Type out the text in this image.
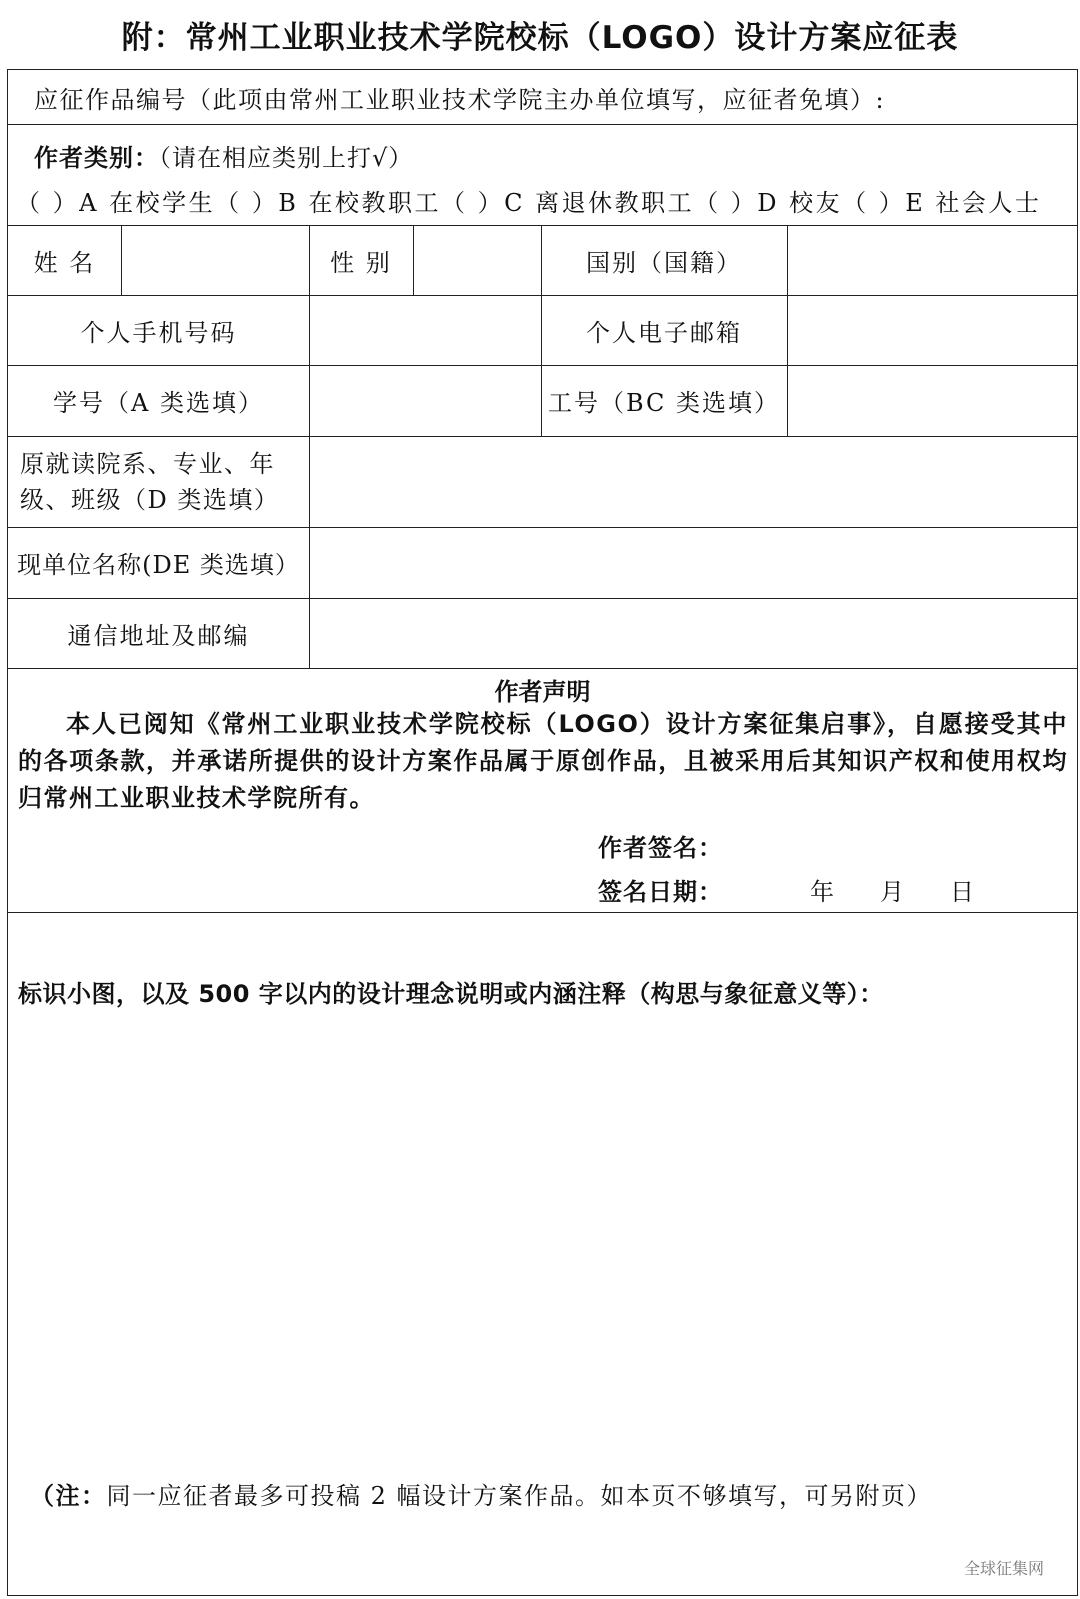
附：常州工业职业技术学院校标（LOGO）设计方案应征表
应征作品编号（此项由常州工业职业技术学院主办单位填写，应征者免填）:
作者类别：（请在相应类别上打√）
（ ）A 在校学生（ ）B 在校教职工（ ）C 离退休教职工（ ）D 校友（ ）E 社会人士
姓 名	性 别	国别（国籍）
个人手机号码	个人电子邮箱
学号（A 类选填）	工号（BC 类选填）
原就读院系、专业、年
级、班级（D 类选填）
现单位名称(DE 类选填）
通信地址及邮编
作者声明
本人已阅知《常州工业职业技术学院校标（LOGO）设计方案征集启事》，自愿接受其中的各项条款，并承诺所提供的设计方案作品属于原创作品，且被采用后其知识产权和使用权均归常州工业职业技术学院所有。
作者签名：
签名日期：	年 月 日
标识小图，以及 500 字以内的设计理念说明或内涵注释（构思与象征意义等）：
（注：同一应征者最多可投稿 2 幅设计方案作品。如本页不够填写，可另附页）
全球征集网
